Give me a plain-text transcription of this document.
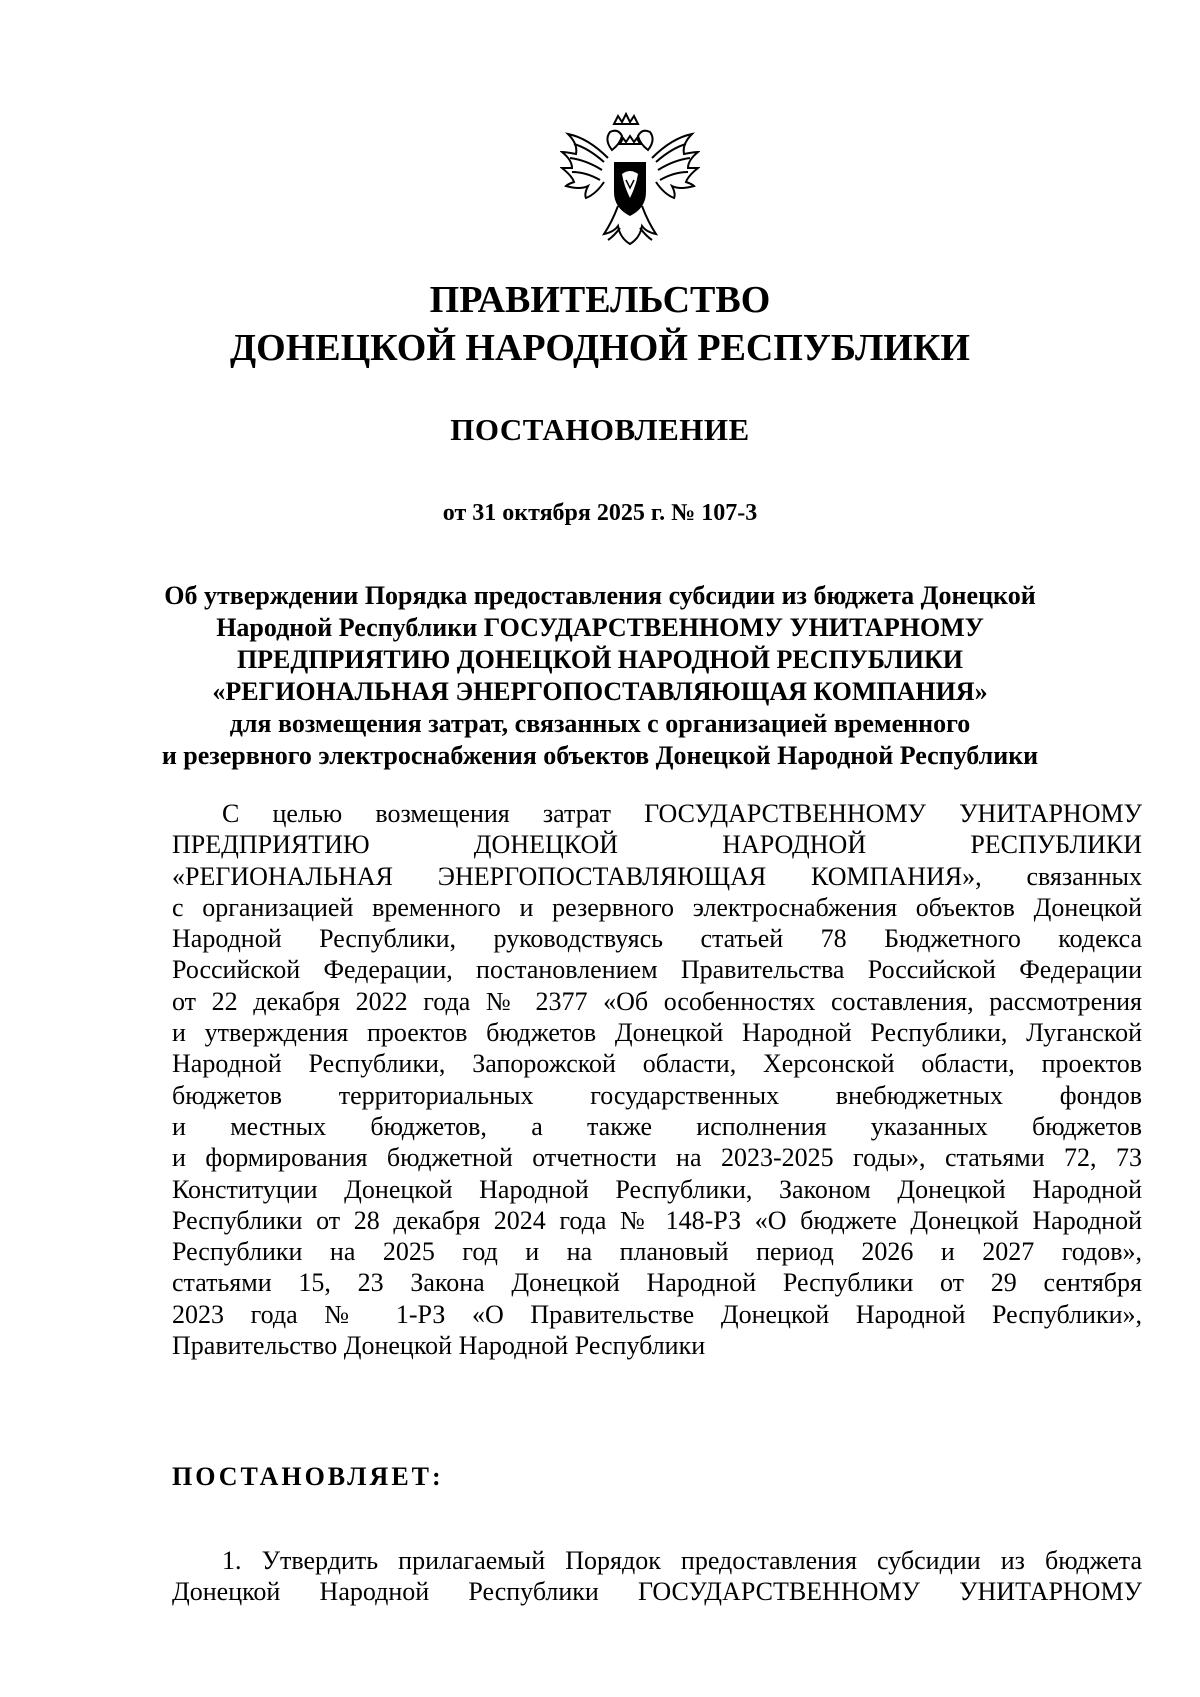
ПРАВИТЕЛЬСТВО
ДОНЕЦКОЙ НАРОДНОЙ РЕСПУБЛИКИ
ПОСТАНОВЛЕНИЕ
от 31 октября 2025 г. № 107-3
Об утверждении Порядка предоставления субсидии из бюджета Донецкой
Народной Республики ГОСУДАРСТВЕННОМУ УНИТАРНОМУ
ПРЕДПРИЯТИЮ ДОНЕЦКОЙ НАРОДНОЙ РЕСПУБЛИКИ
«РЕГИОНАЛЬНАЯ ЭНЕРГОПОСТАВЛЯЮЩАЯ КОМПАНИЯ»
для возмещения затрат, связанных с организацией временного
и резервного электроснабжения объектов Донецкой Народной Республики
С целью возмещения затрат ГОСУДАРСТВЕННОМУ УНИТАРНОМУ
ПРЕДПРИЯТИЮ ДОНЕЦКОЙ НАРОДНОЙ РЕСПУБЛИКИ
«РЕГИОНАЛЬНАЯ ЭНЕРГОПОСТАВЛЯЮЩАЯ КОМПАНИЯ», связанных
с организацией временного и резервного электроснабжения объектов Донецкой
Народной Республики, руководствуясь статьей 78 Бюджетного кодекса
Российской Федерации, постановлением Правительства Российской Федерации
от 22 декабря 2022 года № 2377 «Об особенностях составления, рассмотрения
и утверждения проектов бюджетов Донецкой Народной Республики, Луганской
Народной Республики, Запорожской области, Херсонской области, проектов
бюджетов территориальных государственных внебюджетных фондов
и местных бюджетов, а также исполнения указанных бюджетов
и формирования бюджетной отчетности на 2023-2025 годы», статьями 72, 73
Конституции Донецкой Народной Республики, Законом Донецкой Народной
Республики от 28 декабря 2024 года № 148-РЗ «О бюджете Донецкой Народной
Республики на 2025 год и на плановый период 2026 и 2027 годов»,
статьями 15, 23 Закона Донецкой Народной Республики от 29 сентября
2023 года № 1-РЗ «О Правительстве Донецкой Народной Республики»,
Правительство Донецкой Народной Республики
ПОСТАНОВЛЯЕТ:
1. Утвердить прилагаемый Порядок предоставления субсидии из бюджета
Донецкой Народной Республики ГОСУДАРСТВЕННОМУ УНИТАРНОМУ
